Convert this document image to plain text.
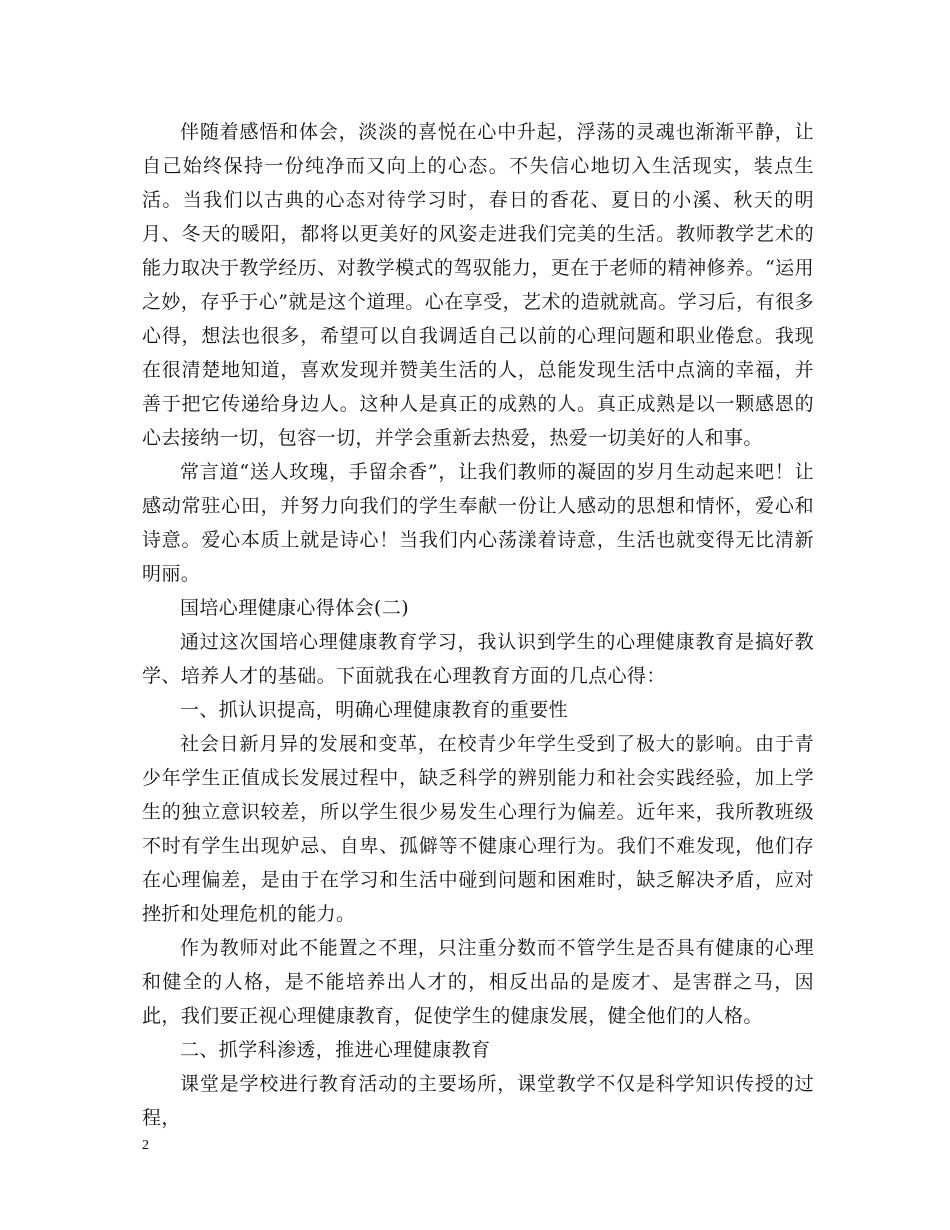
伴随着感悟和体会，淡淡的喜悦在心中升起，浮荡的灵魂也渐渐平静，让自己始终保持一份纯净而又向上的心态。不失信心地切入生活现实，装点生活。当我们以古典的心态对待学习时，春日的香花、夏日的小溪、秋天的明月、冬天的暖阳，都将以更美好的风姿走进我们完美的生活。教师教学艺术的能力取决于教学经历、对教学模式的驾驭能力，更在于老师的精神修养。“运用之妙，存乎于心”就是这个道理。心在享受，艺术的造就就高。学习后，有很多心得，想法也很多，希望可以自我调适自己以前的心理问题和职业倦怠。我现在很清楚地知道，喜欢发现并赞美生活的人，总能发现生活中点滴的幸福，并善于把它传递给身边人。这种人是真正的成熟的人。真正成熟是以一颗感恩的心去接纳一切，包容一切，并学会重新去热爱，热爱一切美好的人和事。

常言道“送人玫瑰，手留余香”，让我们教师的凝固的岁月生动起来吧！让感动常驻心田，并努力向我们的学生奉献一份让人感动的思想和情怀，爱心和诗意。爱心本质上就是诗心！当我们内心荡漾着诗意，生活也就变得无比清新明丽。

国培心理健康心得体会(二)

通过这次国培心理健康教育学习，我认识到学生的心理健康教育是搞好教学、培养人才的基础。下面就我在心理教育方面的几点心得：

一、抓认识提高，明确心理健康教育的重要性

社会日新月异的发展和变革，在校青少年学生受到了极大的影响。由于青少年学生正值成长发展过程中，缺乏科学的辨别能力和社会实践经验，加上学生的独立意识较差，所以学生很少易发生心理行为偏差。近年来，我所教班级不时有学生出现妒忌、自卑、孤僻等不健康心理行为。我们不难发现，他们存在心理偏差，是由于在学习和生活中碰到问题和困难时，缺乏解决矛盾，应对挫折和处理危机的能力。

作为教师对此不能置之不理，只注重分数而不管学生是否具有健康的心理和健全的人格，是不能培养出人才的，相反出品的是废才、是害群之马，因此，我们要正视心理健康教育，促使学生的健康发展，健全他们的人格。

二、抓学科渗透，推进心理健康教育

课堂是学校进行教育活动的主要场所，课堂教学不仅是科学知识传授的过程，

2
